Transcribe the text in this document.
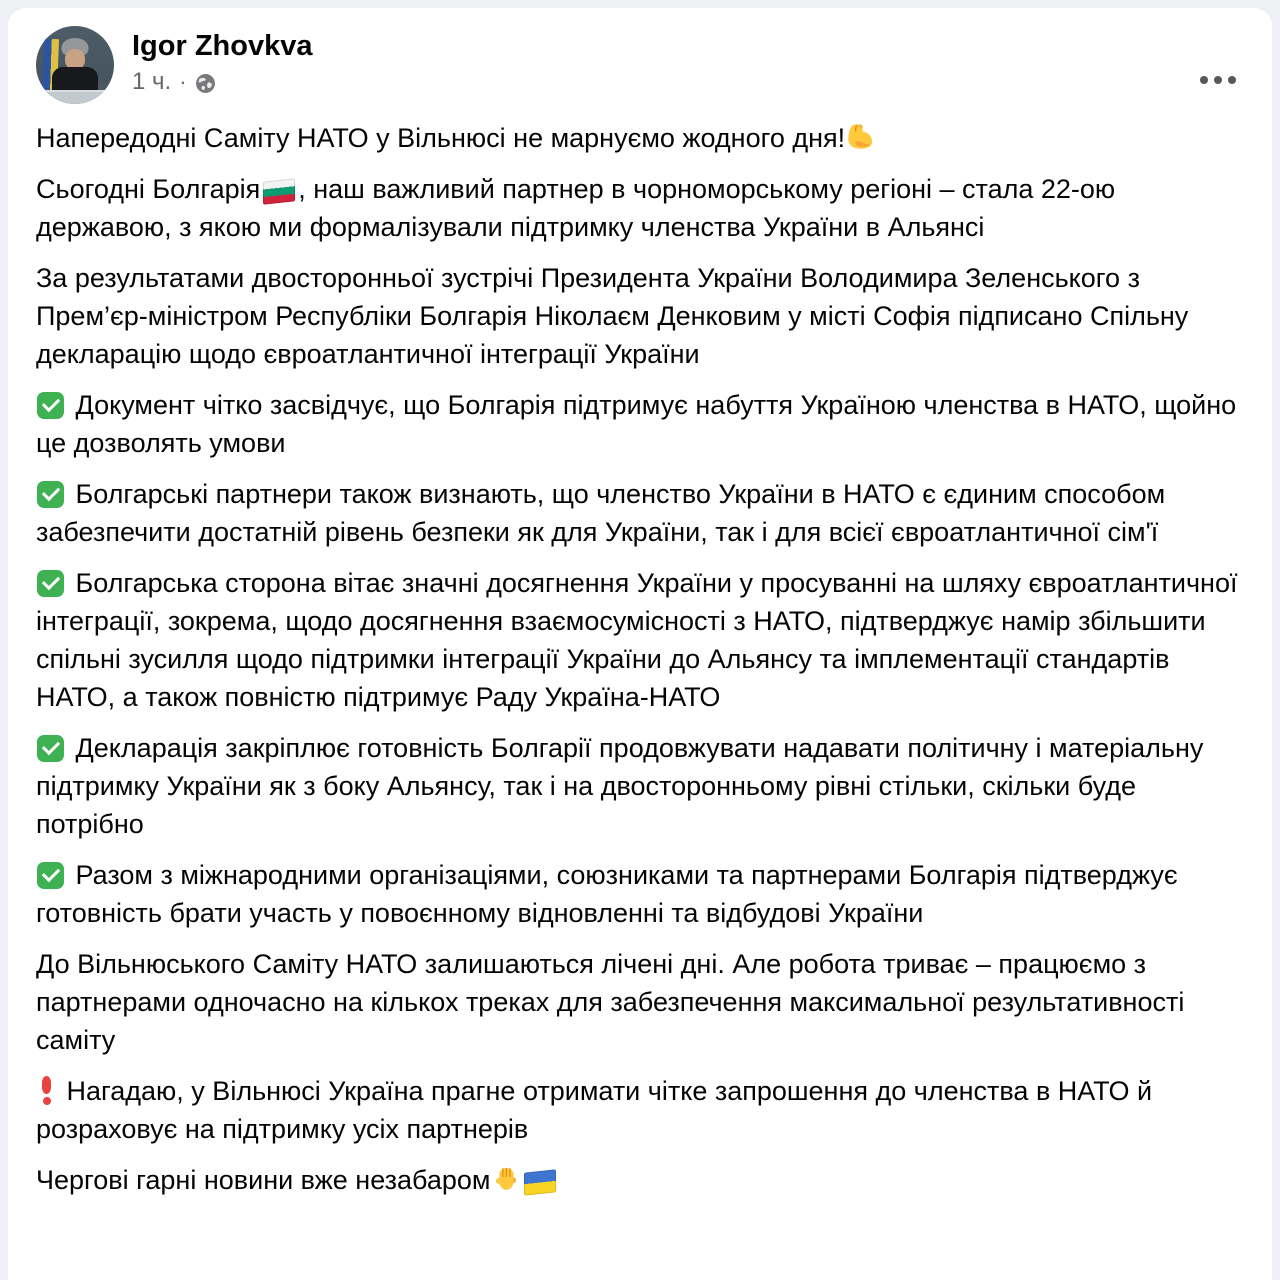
Igor Zhovkva
1 ч. ·

Напередодні Саміту НАТО у Вільнюсі не марнуємо жодного дня!

Сьогодні Болгарія , наш важливий партнер в чорноморському регіоні – стала 22-ою державою, з якою ми формалізували підтримку членства України в Альянсі

За результатами двосторонньої зустрічі Президента України Володимира Зеленського з Прем’єр-міністром Республіки Болгарія Ніколаєм Денковим у місті Софія підписано Спільну декларацію щодо євроатлантичної інтеграції України

Документ чітко засвідчує, що Болгарія підтримує набуття Україною членства в НАТО, щойно це дозволять умови

Болгарські партнери також визнають, що членство України в НАТО є єдиним способом забезпечити достатній рівень безпеки як для України, так і для всієї євроатлантичної сім'ї

Болгарська сторона вітає значні досягнення України у просуванні на шляху євроатлантичної інтеграції, зокрема, щодо досягнення взаємосумісності з НАТО, підтверджує намір збільшити спільні зусилля щодо підтримки інтеграції України до Альянсу та імплементації стандартів НАТО, а також повністю підтримує Раду Україна-НАТО

Декларація закріплює готовність Болгарії продовжувати надавати політичну і матеріальну підтримку України як з боку Альянсу, так і на двосторонньому рівні стільки, скільки буде потрібно

Разом з міжнародними організаціями, союзниками та партнерами Болгарія підтверджує готовність брати участь у повоєнному відновленні та відбудові України

До Вільнюського Саміту НАТО залишаються лічені дні. Але робота триває – працюємо з партнерами одночасно на кількох треках для забезпечення максимальної результативності саміту

Нагадаю, у Вільнюсі Україна прагне отримати чітке запрошення до членства в НАТО й розраховує на підтримку усіх партнерів

Чергові гарні новини вже незабаром
